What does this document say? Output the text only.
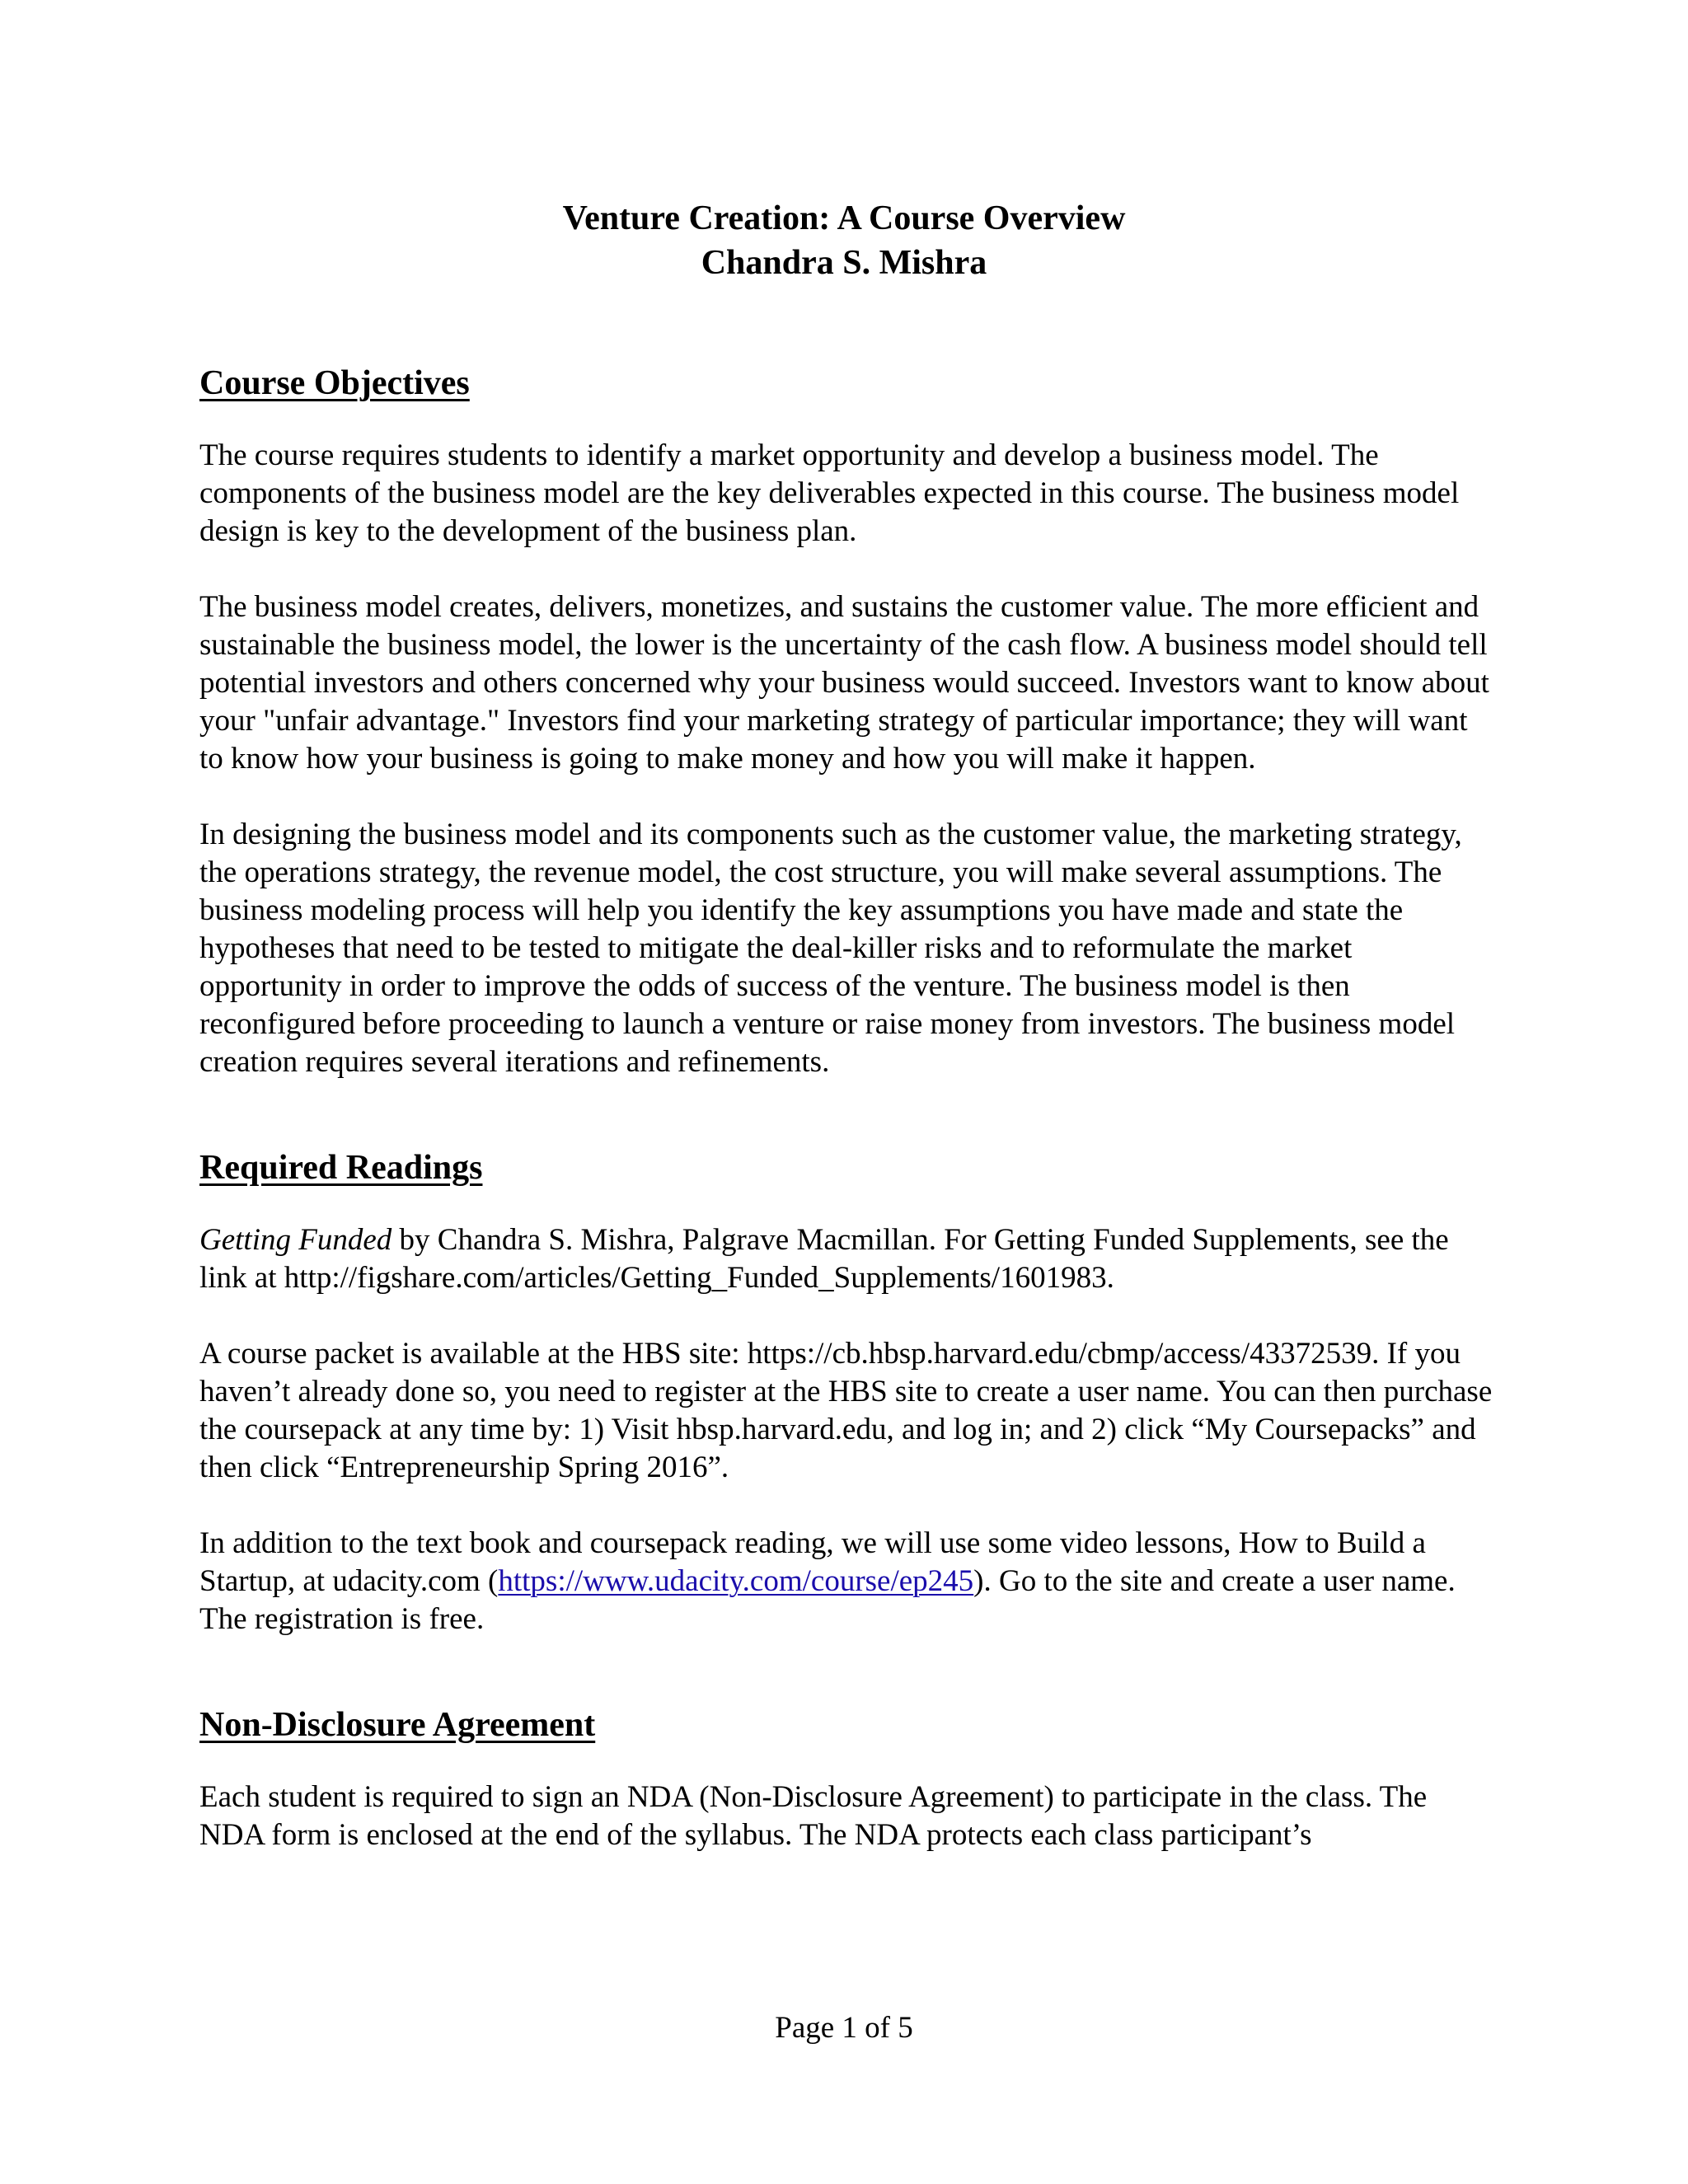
Venture Creation: A Course Overview
Chandra S. Mishra
Course Objectives

The course requires students to identify a market opportunity and develop a business model. The components of the business model are the key deliverables expected in this course. The business model design is key to the development of the business plan.

The business model creates, delivers, monetizes, and sustains the customer value. The more efficient and sustainable the business model, the lower is the uncertainty of the cash flow. A business model should tell potential investors and others concerned why your business would succeed. Investors want to know about your "unfair advantage." Investors find your marketing strategy of particular importance; they will want to know how your business is going to make money and how you will make it happen.

In designing the business model and its components such as the customer value, the marketing strategy, the operations strategy, the revenue model, the cost structure, you will make several assumptions. The business modeling process will help you identify the key assumptions you have made and state the hypotheses that need to be tested to mitigate the deal-killer risks and to reformulate the market opportunity in order to improve the odds of success of the venture. The business model is then reconfigured before proceeding to launch a venture or raise money from investors. The business model creation requires several iterations and refinements.

Required Readings

Getting Funded by Chandra S. Mishra, Palgrave Macmillan. For Getting Funded Supplements, see the link at http://figshare.com/articles/Getting_Funded_Supplements/1601983.

A course packet is available at the HBS site: https://cb.hbsp.harvard.edu/cbmp/access/43372539. If you haven’t already done so, you need to register at the HBS site to create a user name. You can then purchase the coursepack at any time by: 1) Visit hbsp.harvard.edu, and log in; and 2) click “My Coursepacks” and then click “Entrepreneurship Spring 2016”.

In addition to the text book and coursepack reading, we will use some video lessons, How to Build a Startup, at udacity.com (https://www.udacity.com/course/ep245). Go to the site and create a user name. The registration is free.

Non-Disclosure Agreement

Each student is required to sign an NDA (Non-Disclosure Agreement) to participate in the class. The NDA form is enclosed at the end of the syllabus. The NDA protects each class participant’s

Page 1 of 5
